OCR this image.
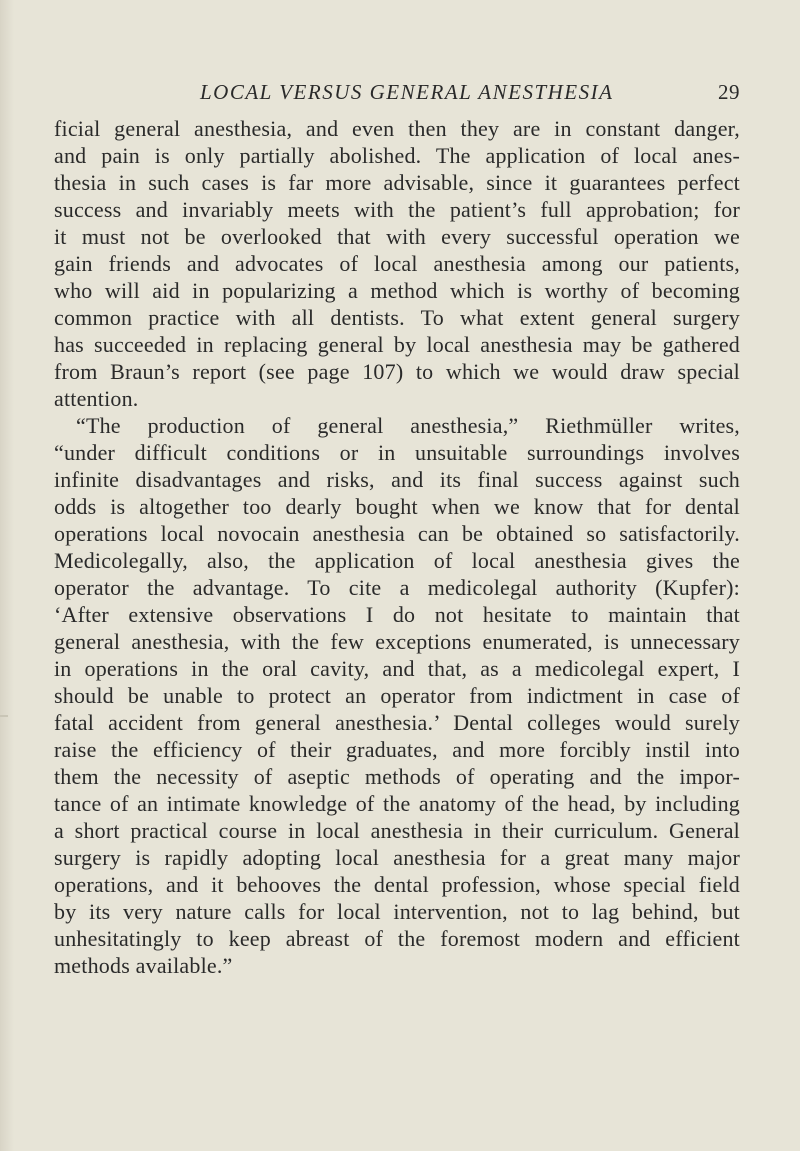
LOCAL VERSUS GENERAL ANESTHESIA	29
ficial general anesthesia, and even then they are in constant danger,
and pain is only partially abolished. The application of local anes-
thesia in such cases is far more advisable, since it guarantees perfect
success and invariably meets with the patient’s full approbation; for
it must not be overlooked that with every successful operation we
gain friends and advocates of local anesthesia among our patients,
who will aid in popularizing a method which is worthy of becoming
common practice with all dentists. To what extent general surgery
has succeeded in replacing general by local anesthesia may be gathered
from Braun’s report (see page 107) to which we would draw special
attention.
“The production of general anesthesia,” Riethmüller writes,
“under difficult conditions or in unsuitable surroundings involves
infinite disadvantages and risks, and its final success against such
odds is altogether too dearly bought when we know that for dental
operations local novocain anesthesia can be obtained so satisfactorily.
Medicolegally, also, the application of local anesthesia gives the
operator the advantage. To cite a medicolegal authority (Kupfer):
‘After extensive observations I do not hesitate to maintain that
general anesthesia, with the few exceptions enumerated, is unnecessary
in operations in the oral cavity, and that, as a medicolegal expert, I
should be unable to protect an operator from indictment in case of
fatal accident from general anesthesia.’ Dental colleges would surely
raise the efficiency of their graduates, and more forcibly instil into
them the necessity of aseptic methods of operating and the impor-
tance of an intimate knowledge of the anatomy of the head, by including
a short practical course in local anesthesia in their curriculum. General
surgery is rapidly adopting local anesthesia for a great many major
operations, and it behooves the dental profession, whose special field
by its very nature calls for local intervention, not to lag behind, but
unhesitatingly to keep abreast of the foremost modern and efficient
methods available.”
